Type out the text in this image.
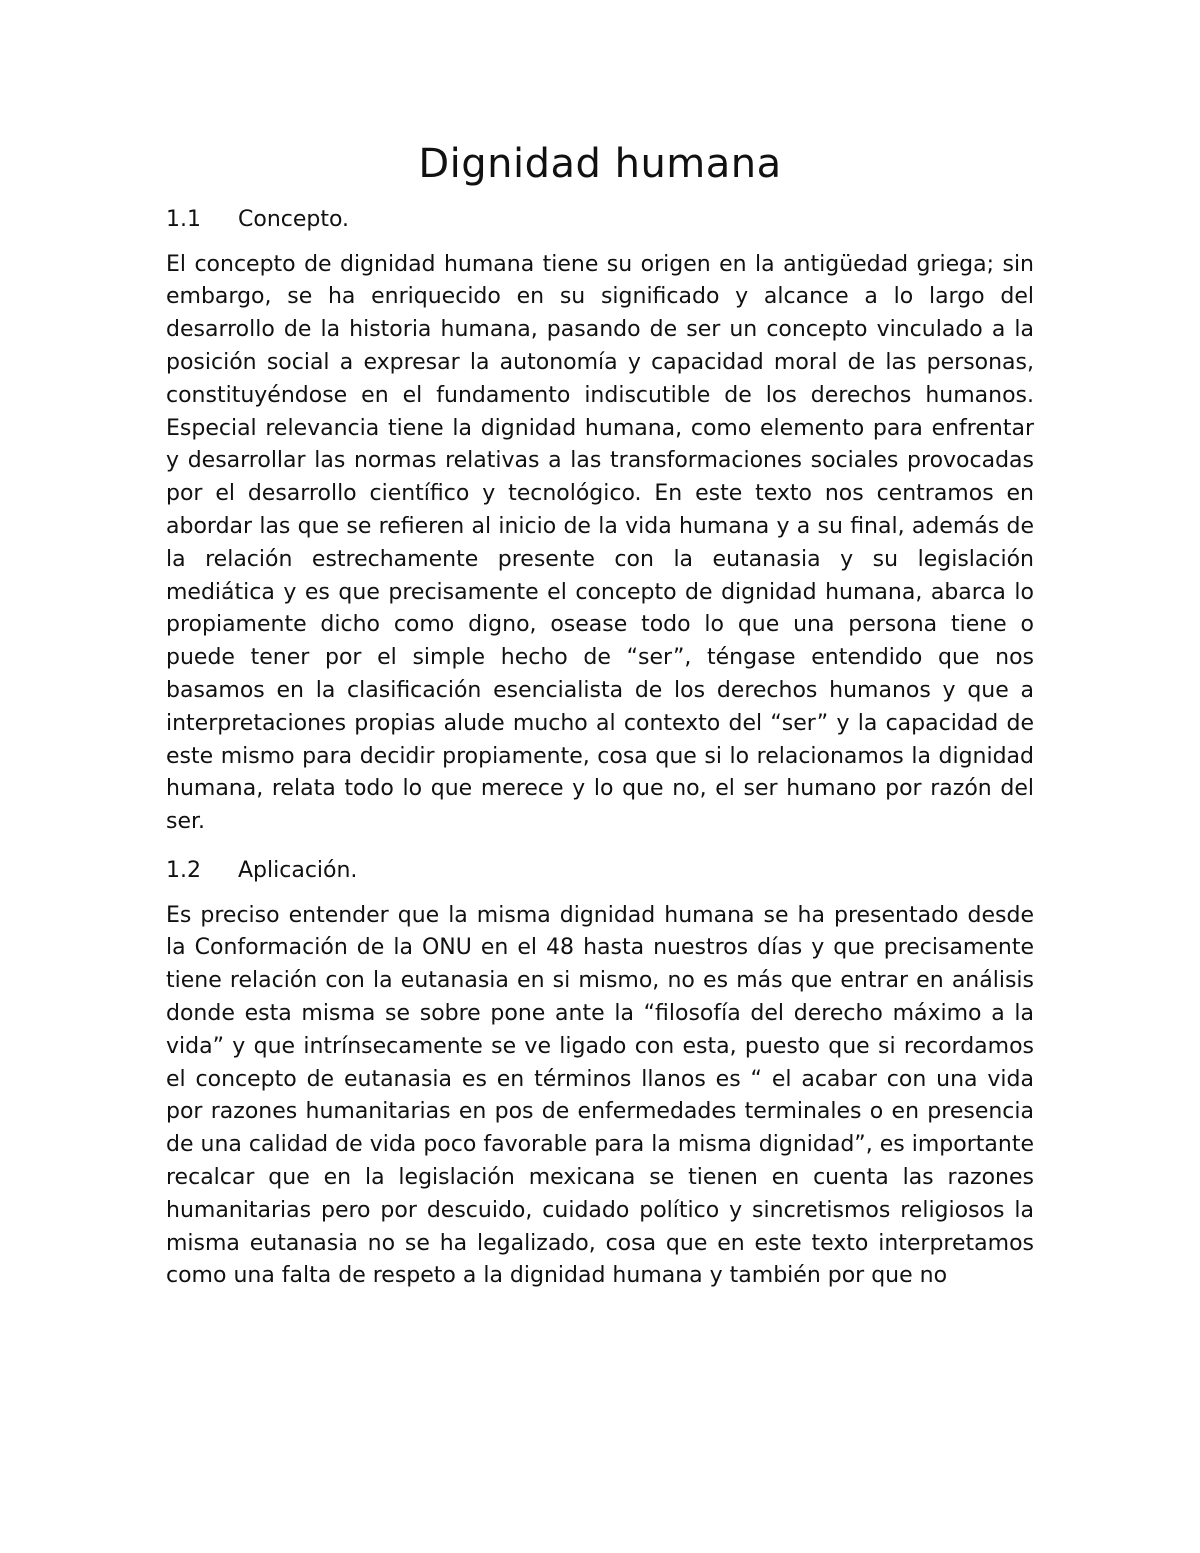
Dignidad humana
1.1	Concepto.

El concepto de dignidad humana tiene su origen en la antigüedad griega; sin embargo, se ha enriquecido en su significado y alcance a lo largo del desarrollo de la historia humana, pasando de ser un concepto vinculado a la posición social a expresar la autonomía y capacidad moral de las personas, constituyéndose en el fundamento indiscutible de los derechos humanos. Especial relevancia tiene la dignidad humana, como elemento para enfrentar y desarrollar las normas relativas a las transformaciones sociales provocadas por el desarrollo científico y tecnológico. En este texto nos centramos en abordar las que se refieren al inicio de la vida humana y a su final, además de la relación estrechamente presente con la eutanasia y su legislación mediática y es que precisamente el concepto de dignidad humana, abarca lo propiamente dicho como digno, osease todo lo que una persona tiene o puede tener por el simple hecho de “ser”, téngase entendido que nos basamos en la clasificación esencialista de los derechos humanos y que a interpretaciones propias alude mucho al contexto del “ser” y la capacidad de este mismo para decidir propiamente, cosa que si lo relacionamos la dignidad humana, relata todo lo que merece y lo que no, el ser humano por razón del ser.

1.2	Aplicación.

Es preciso entender que la misma dignidad humana se ha presentado desde la Conformación de la ONU en el 48 hasta nuestros días y que precisamente tiene relación con la eutanasia en si mismo, no es más que entrar en análisis donde esta misma se sobre pone ante la “filosofía del derecho máximo a la vida” y que intrínsecamente se ve ligado con esta, puesto que si recordamos el concepto de eutanasia es en términos llanos es “ el acabar con una vida por razones humanitarias en pos de enfermedades terminales o en presencia de una calidad de vida poco favorable para la misma dignidad”, es importante recalcar que en la legislación mexicana se tienen en cuenta las razones humanitarias pero por descuido, cuidado político y sincretismos religiosos la misma eutanasia no se ha legalizado, cosa que en este texto interpretamos como una falta de respeto a la dignidad humana y también por que no
